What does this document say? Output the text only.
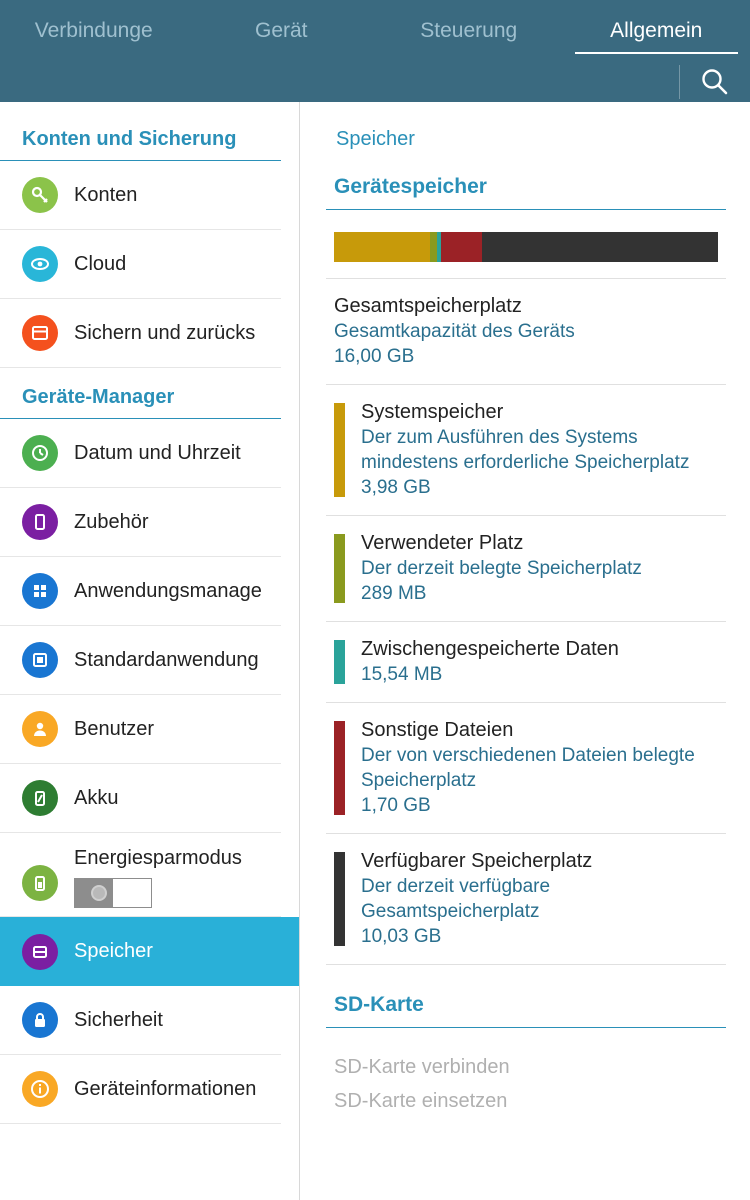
Verbindunge	Gerät	Steuerung	Allgemein
Konten und Sicherung
Konten
Cloud
Sichern und zurücks
Geräte-Manager
Datum und Uhrzeit
Zubehör
Anwendungsmanage
Standardanwendung
Benutzer
Akku
Energiesparmodus
Speicher
Sicherheit
Geräteinformationen
Speicher
Gerätespeicher
Gesamtspeicherplatz
Gesamtkapazität des Geräts
16,00 GB
Systemspeicher
Der zum Ausführen des Systems mindestens erforderliche Speicherplatz
3,98 GB
Verwendeter Platz
Der derzeit belegte Speicherplatz
289 MB
Zwischengespeicherte Daten
15,54 MB
Sonstige Dateien
Der von verschiedenen Dateien belegte Speicherplatz
1,70 GB
Verfügbarer Speicherplatz
Der derzeit verfügbare Gesamtspeicherplatz
10,03 GB
SD-Karte
SD-Karte verbinden
SD-Karte einsetzen
